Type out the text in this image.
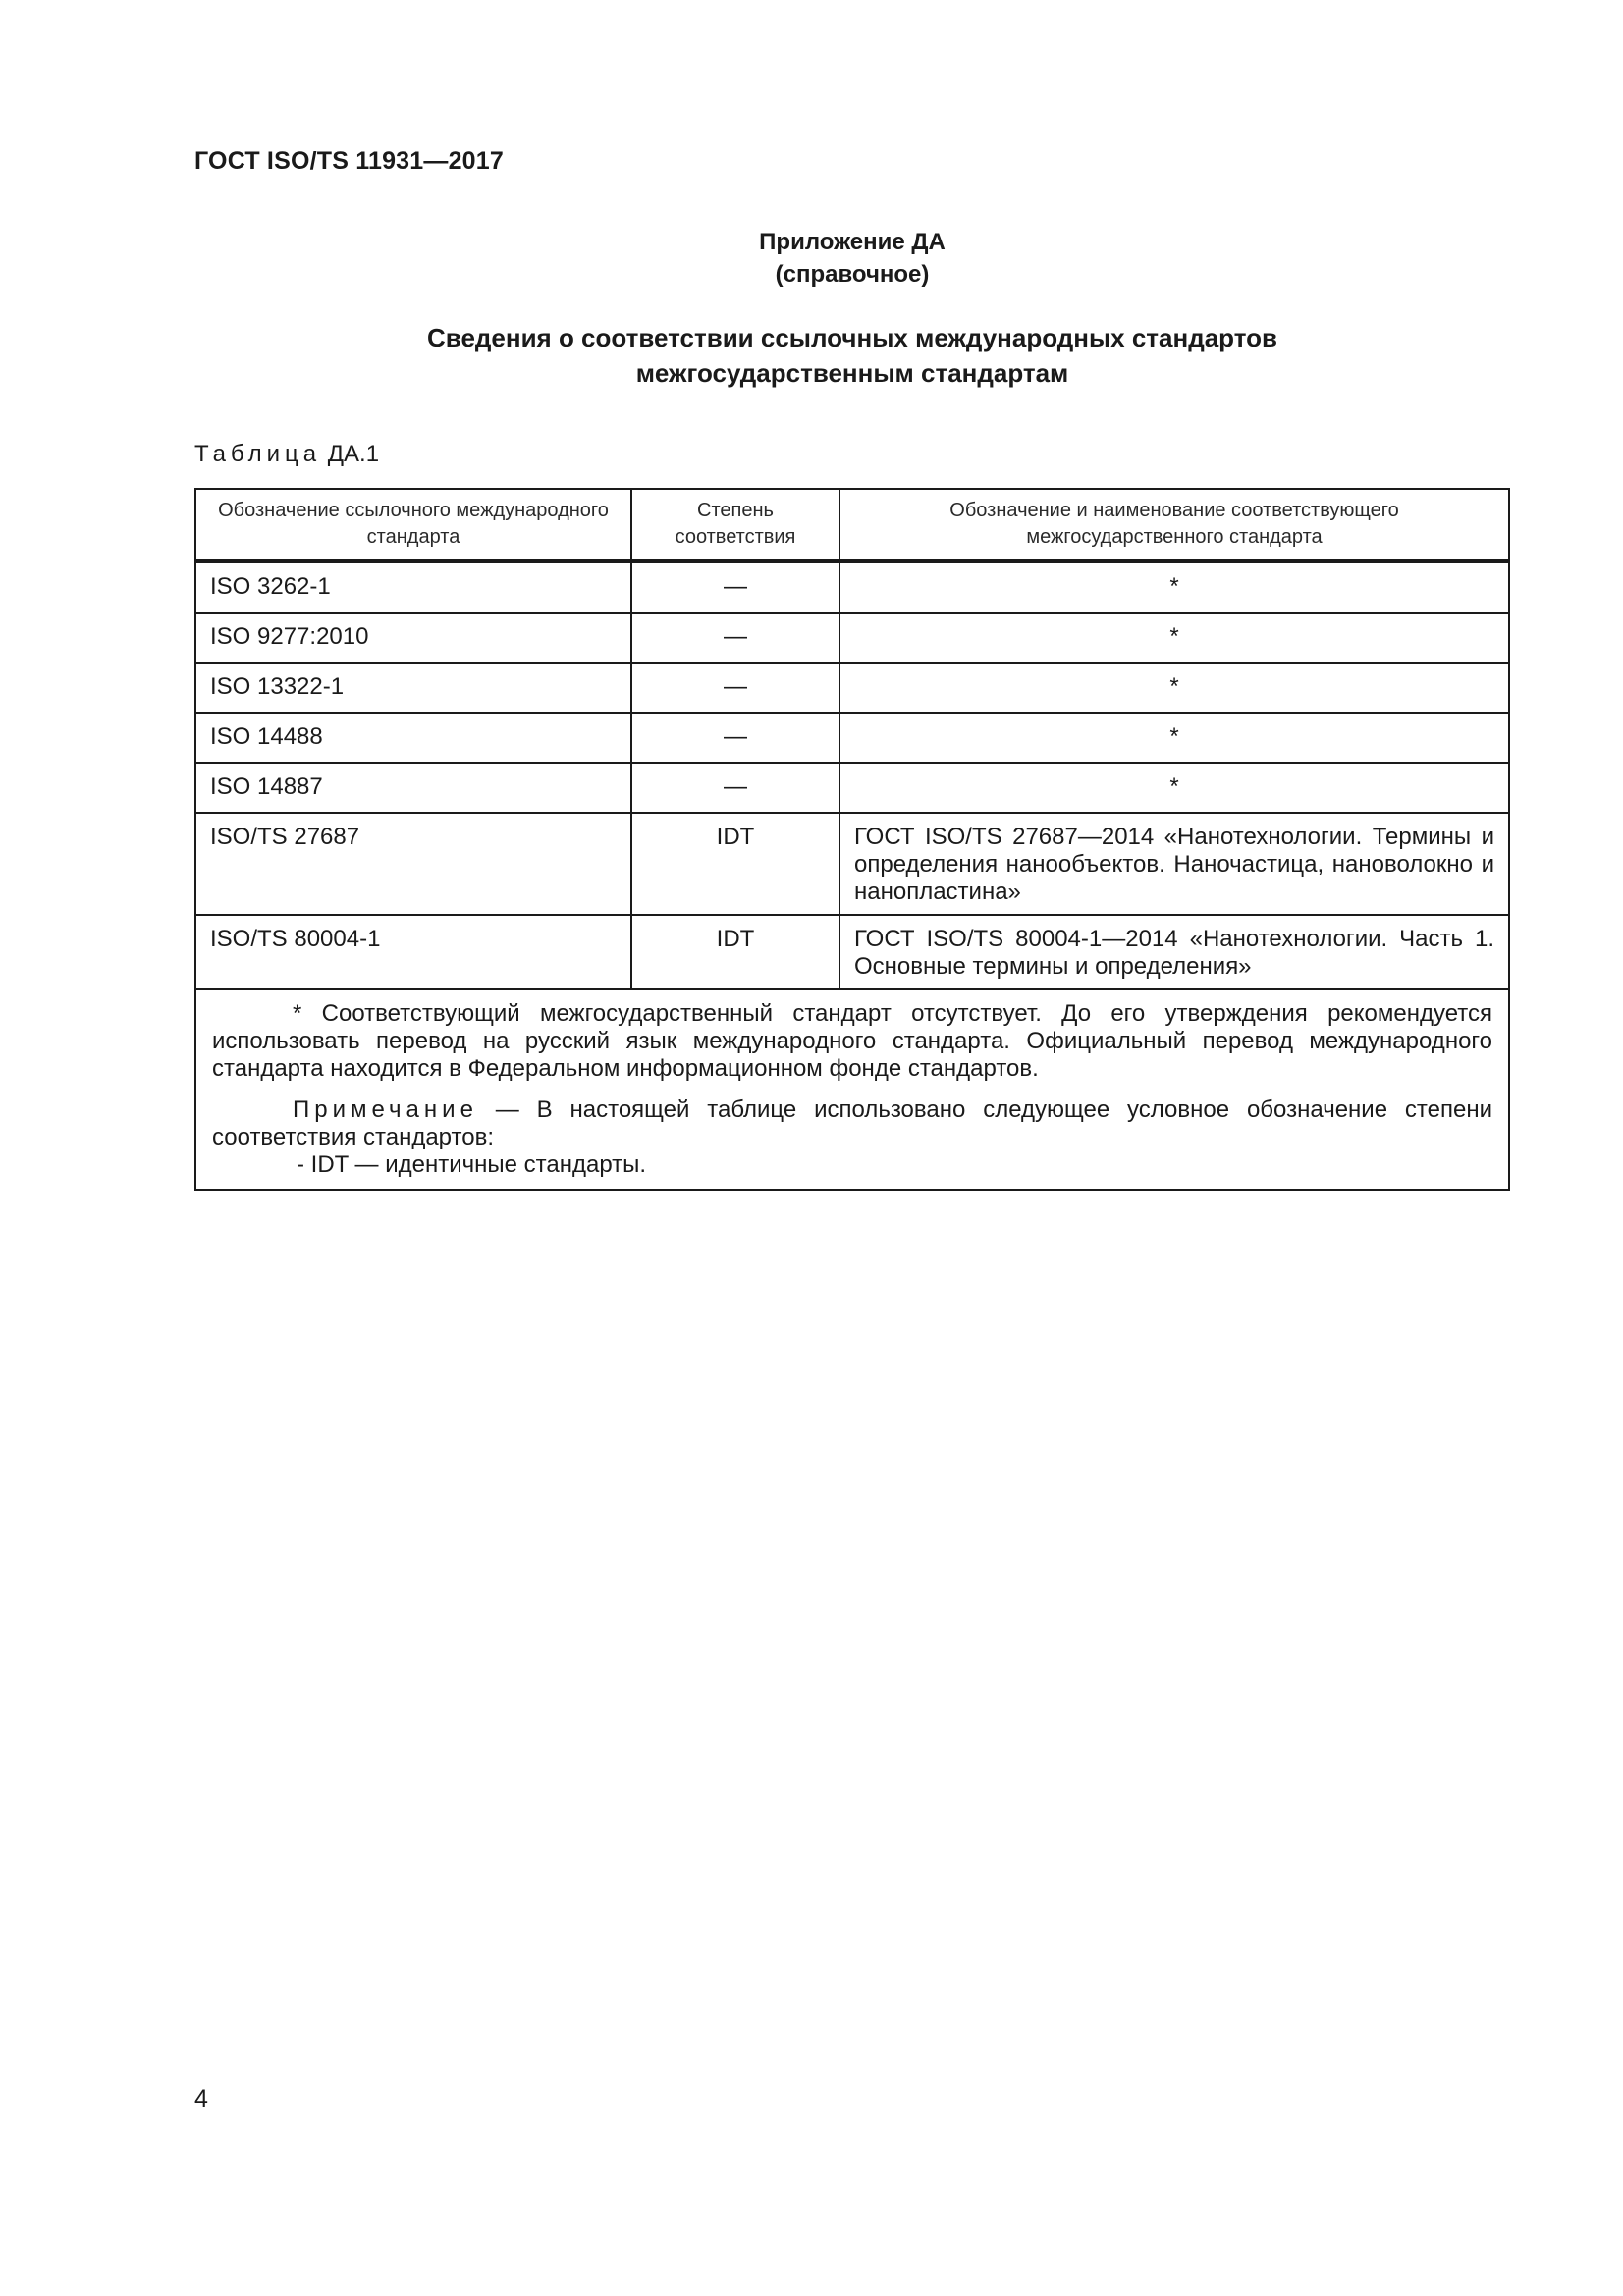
ГОСТ ISO/TS 11931—2017
Приложение ДА
(справочное)
Сведения о соответствии ссылочных международных стандартов
межгосударственным стандартам
Таблица ДА.1
Обозначение ссылочного международного стандарта	Степень соответствия	Обозначение и наименование соответствующего межгосударственного стандарта
ISO 3262-1	—	*
ISO 9277:2010	—	*
ISO 13322-1	—	*
ISO 14488	—	*
ISO 14887	—	*
ISO/TS 27687	IDT	ГОСТ ISO/TS 27687—2014 «Нанотехнологии. Термины и определения нанообъектов. Наночастица, нановолокно и нанопластина»
ISO/TS 80004-1	IDT	ГОСТ ISO/TS 80004-1—2014 «Нанотехнологии. Часть 1. Основные термины и определения»

* Соответствующий межгосударственный стандарт отсутствует. До его утверждения рекомендуется использовать перевод на русский язык международного стандарта. Официальный перевод международного стандарта находится в Федеральном информационном фонде стандартов.

Примечание — В настоящей таблице использовано следующее условное обозначение степени соответствия стандартов:

- IDT — идентичные стандарты.		

4
